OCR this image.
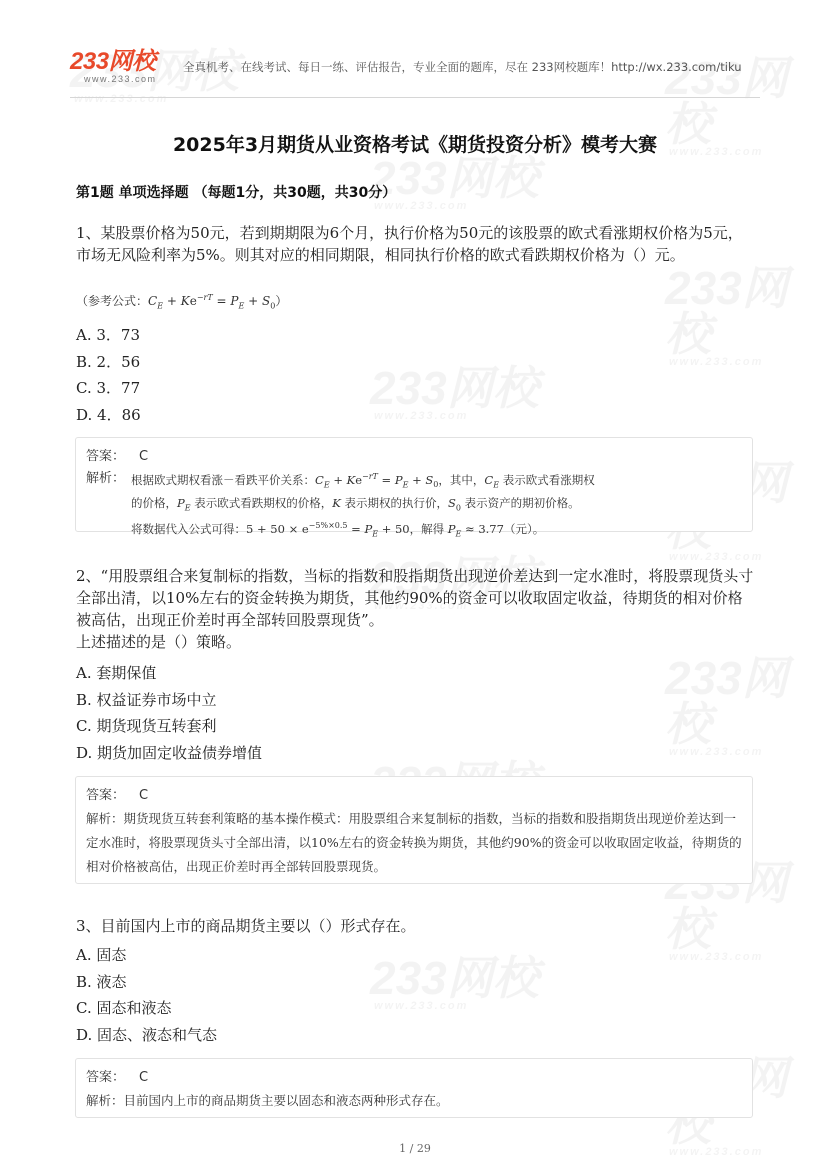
233网校
www.233.com
全真机考、在线考试、每日一练、评估报告，专业全面的题库，尽在 233网校题库！http://wx.233.com/tiku
2025年3月期货从业资格考试《期货投资分析》模考大赛
第1题 单项选择题 （每题1分，共30题，共30分）
1、某股票价格为50元，若到期期限为6个月，执行价格为50元的该股票的欧式看涨期权价格为5元，市场无风险利率为5%。则其对应的相同期限，相同执行价格的欧式看跌期权价格为（）元。
（参考公式：$C_E + Ke^{-rT} = P_E + S_0$）
A. 3．73
B. 2．56
C. 3．77
D. 4．86
答案： C
解析： 根据欧式期权看涨－看跌平价关系：$C_E + Ke^{-rT} = P_E + S_0$，其中，$C_E$ 表示欧式看涨期权
的价格，$P_E$ 表示欧式看跌期权的价格，K 表示期权的执行价，$S_0$ 表示资产的期初价格。
将数据代入公式可得：$5 + 50 \times e^{-5\%\times 0.5} = P_E + 50$，解得 $P_E \approx 3.77$（元）。
2、“用股票组合来复制标的指数，当标的指数和股指期货出现逆价差达到一定水准时，将股票现货头寸全部出清，以10%左右的资金转换为期货，其他约90%的资金可以收取固定收益，待期货的相对价格被高估，出现正价差时再全部转回股票现货”。
上述描述的是（）策略。
A. 套期保值
B. 权益证券市场中立
C. 期货现货互转套利
D. 期货加固定收益债券增值
答案： C
解析：期货现货互转套利策略的基本操作模式：用股票组合来复制标的指数，当标的指数和股指期货出现逆价差达到一定水准时，将股票现货头寸全部出清，以10%左右的资金转换为期货，其他约90%的资金可以收取固定收益，待期货的相对价格被高估，出现正价差时再全部转回股票现货。
3、目前国内上市的商品期货主要以（）形式存在。
A. 固态
B. 液态
C. 固态和液态
D. 固态、液态和气态
答案： C
解析：目前国内上市的商品期货主要以固态和液态两种形式存在。
1 / 29
